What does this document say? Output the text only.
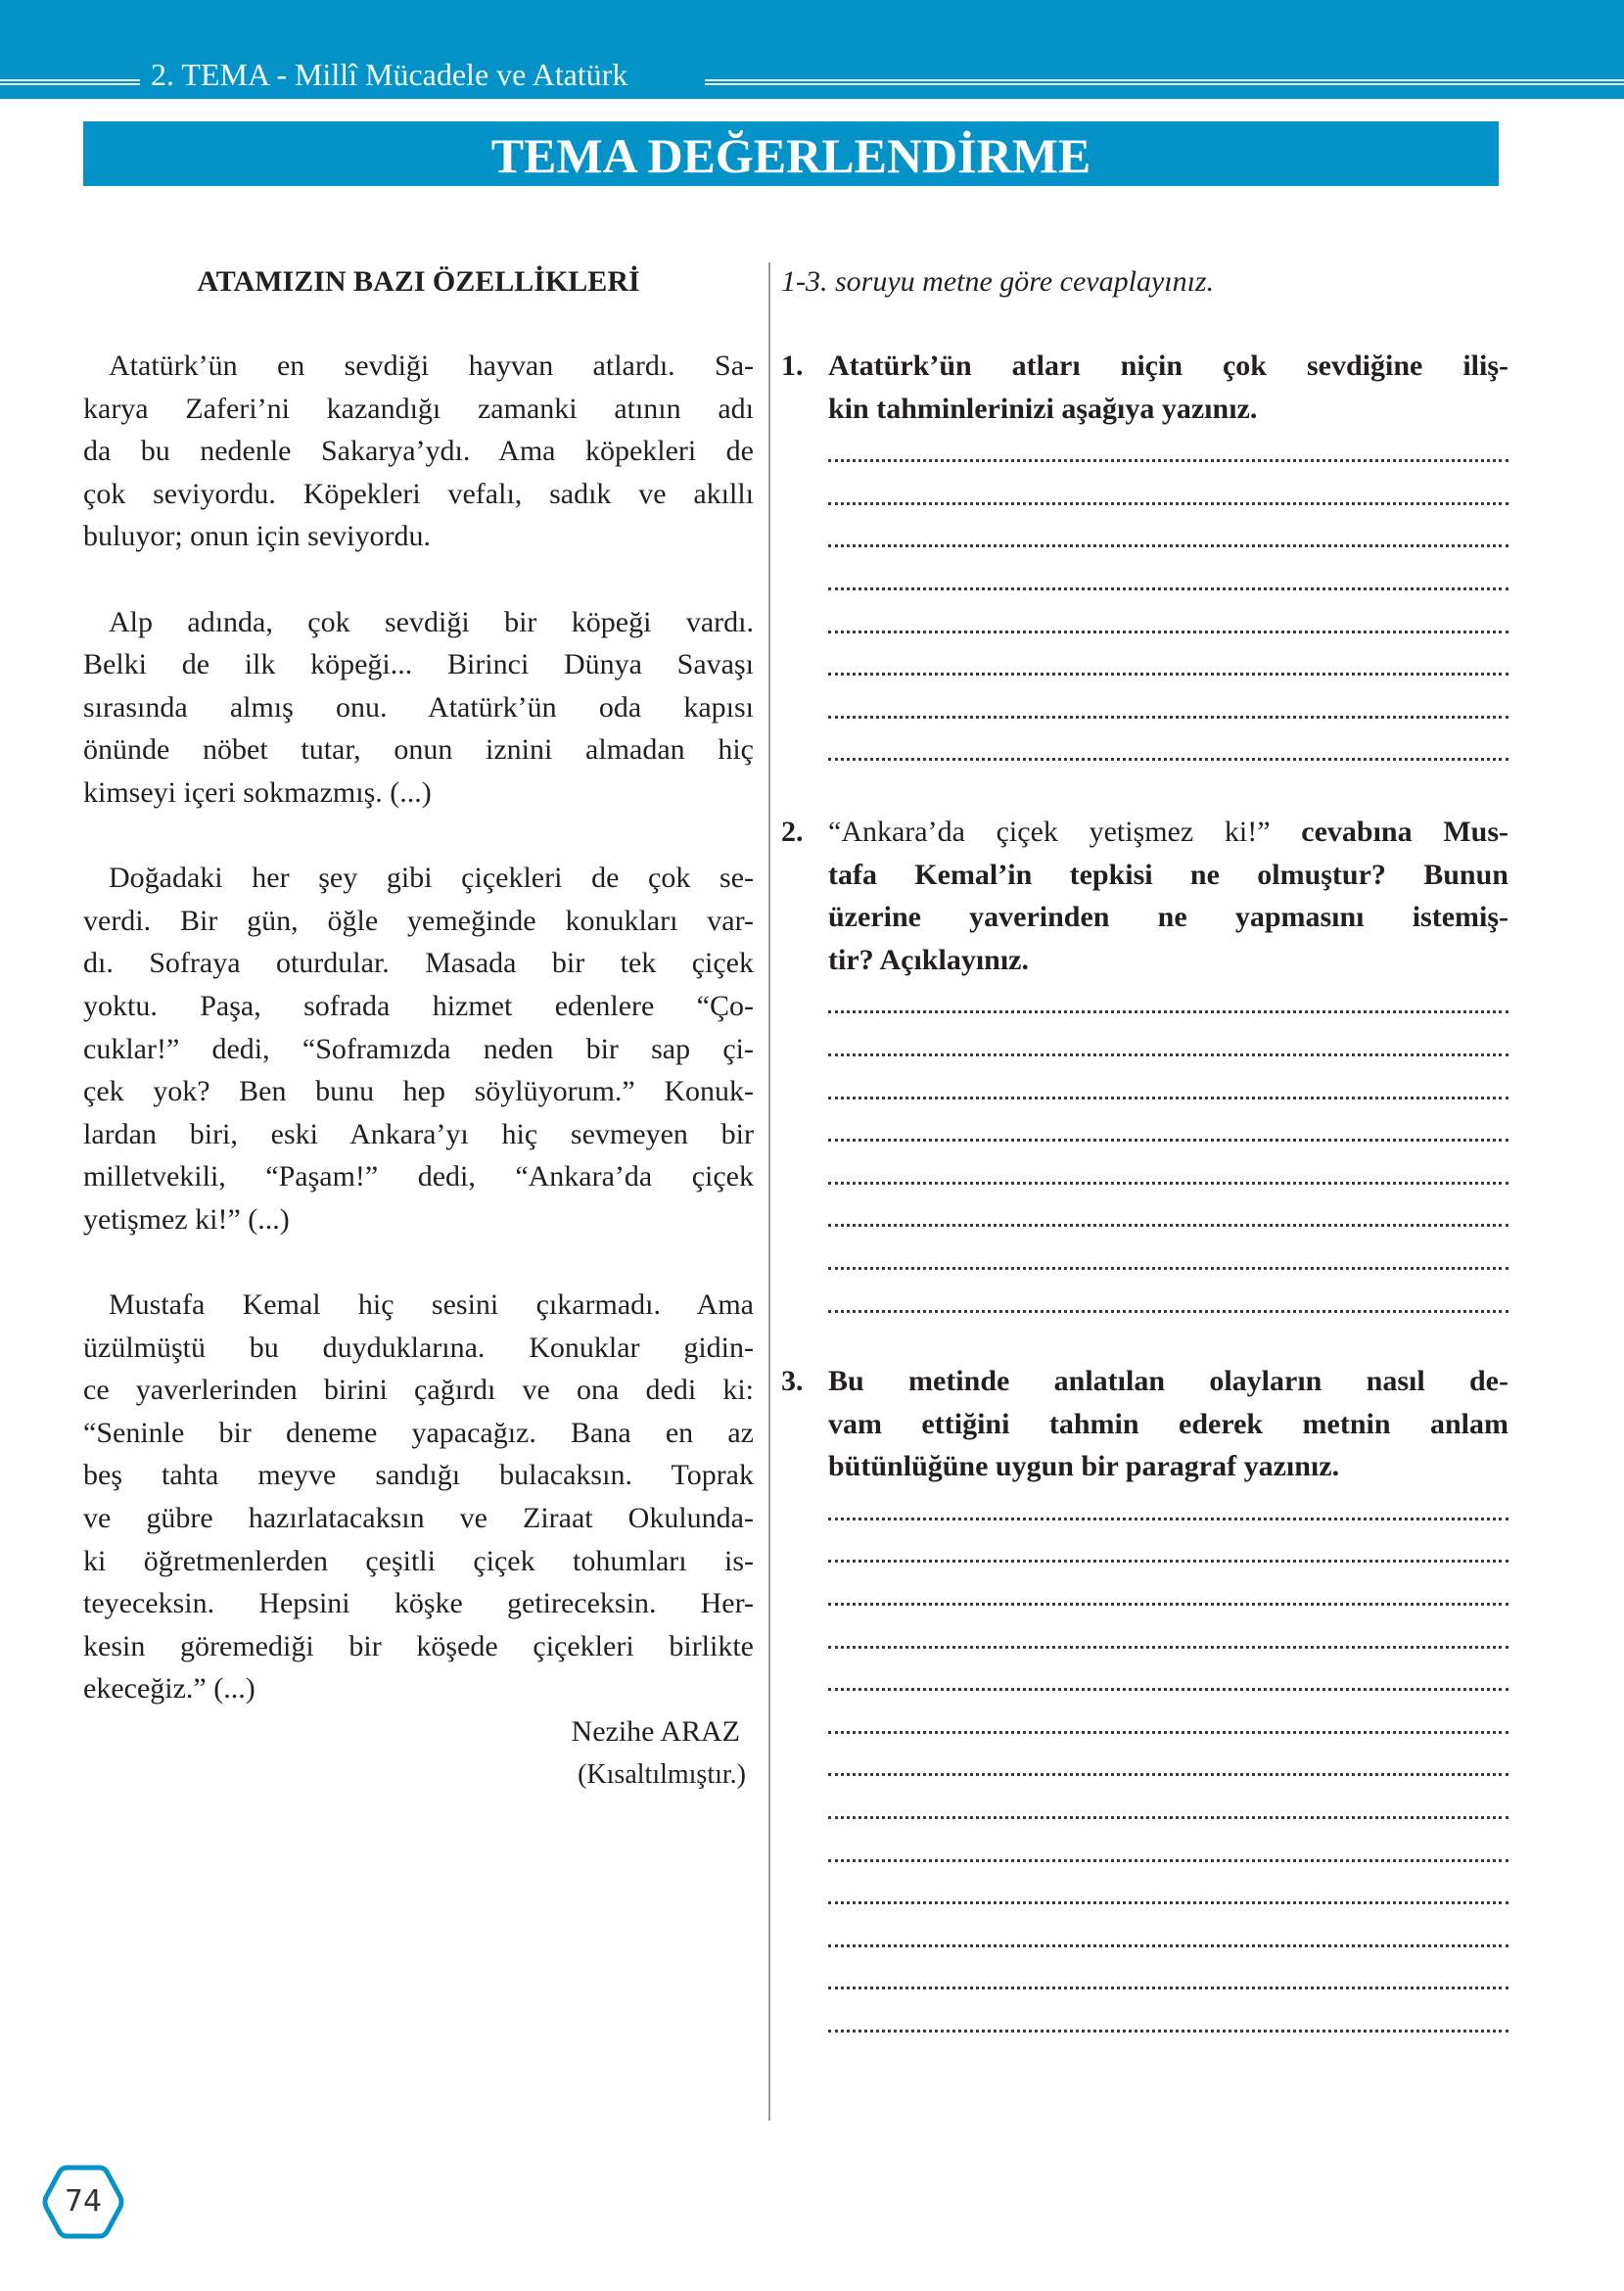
2. TEMA - Millî Mücadele ve Atatürk
TEMA DEĞERLENDİRME
ATAMIZIN BAZI ÖZELLİKLERİ
Atatürk’ün en sevdiği hayvan atlardı. Sa-
karya Zaferi’ni kazandığı zamanki atının adı
da bu nedenle Sakarya’ydı. Ama köpekleri de
çok seviyordu. Köpekleri vefalı, sadık ve akıllı
buluyor; onun için seviyordu.
Alp adında, çok sevdiği bir köpeği vardı.
Belki de ilk köpeği... Birinci Dünya Savaşı
sırasında almış onu. Atatürk’ün oda kapısı
önünde nöbet tutar, onun iznini almadan hiç
kimseyi içeri sokmazmış. (...)
Doğadaki her şey gibi çiçekleri de çok se-
verdi. Bir gün, öğle yemeğinde konukları var-
dı. Sofraya oturdular. Masada bir tek çiçek
yoktu. Paşa, sofrada hizmet edenlere “Ço-
cuklar!” dedi, “Soframızda neden bir sap çi-
çek yok? Ben bunu hep söylüyorum.” Konuk-
lardan biri, eski Ankara’yı hiç sevmeyen bir
milletvekili, “Paşam!” dedi, “Ankara’da çiçek
yetişmez ki!” (...)
Mustafa Kemal hiç sesini çıkarmadı. Ama
üzülmüştü bu duyduklarına. Konuklar gidin-
ce yaverlerinden birini çağırdı ve ona dedi ki:
“Seninle bir deneme yapacağız. Bana en az
beş tahta meyve sandığı bulacaksın. Toprak
ve gübre hazırlatacaksın ve Ziraat Okulunda-
ki öğretmenlerden çeşitli çiçek tohumları is-
teyeceksin. Hepsini köşke getireceksin. Her-
kesin göremediği bir köşede çiçekleri birlikte
ekeceğiz.” (...)
Nezihe ARAZ
(Kısaltılmıştır.)
1-3. soruyu metne göre cevaplayınız.
1. Atatürk’ün atları niçin çok sevdiğine iliş-
kin tahminlerinizi aşağıya yazınız.
2. “Ankara’da çiçek yetişmez ki!” cevabına Mus-
tafa Kemal’in tepkisi ne olmuştur? Bunun
üzerine yaverinden ne yapmasını istemiş-
tir? Açıklayınız.
3. Bu metinde anlatılan olayların nasıl de-
vam ettiğini tahmin ederek metnin anlam
bütünlüğüne uygun bir paragraf yazınız.
74
